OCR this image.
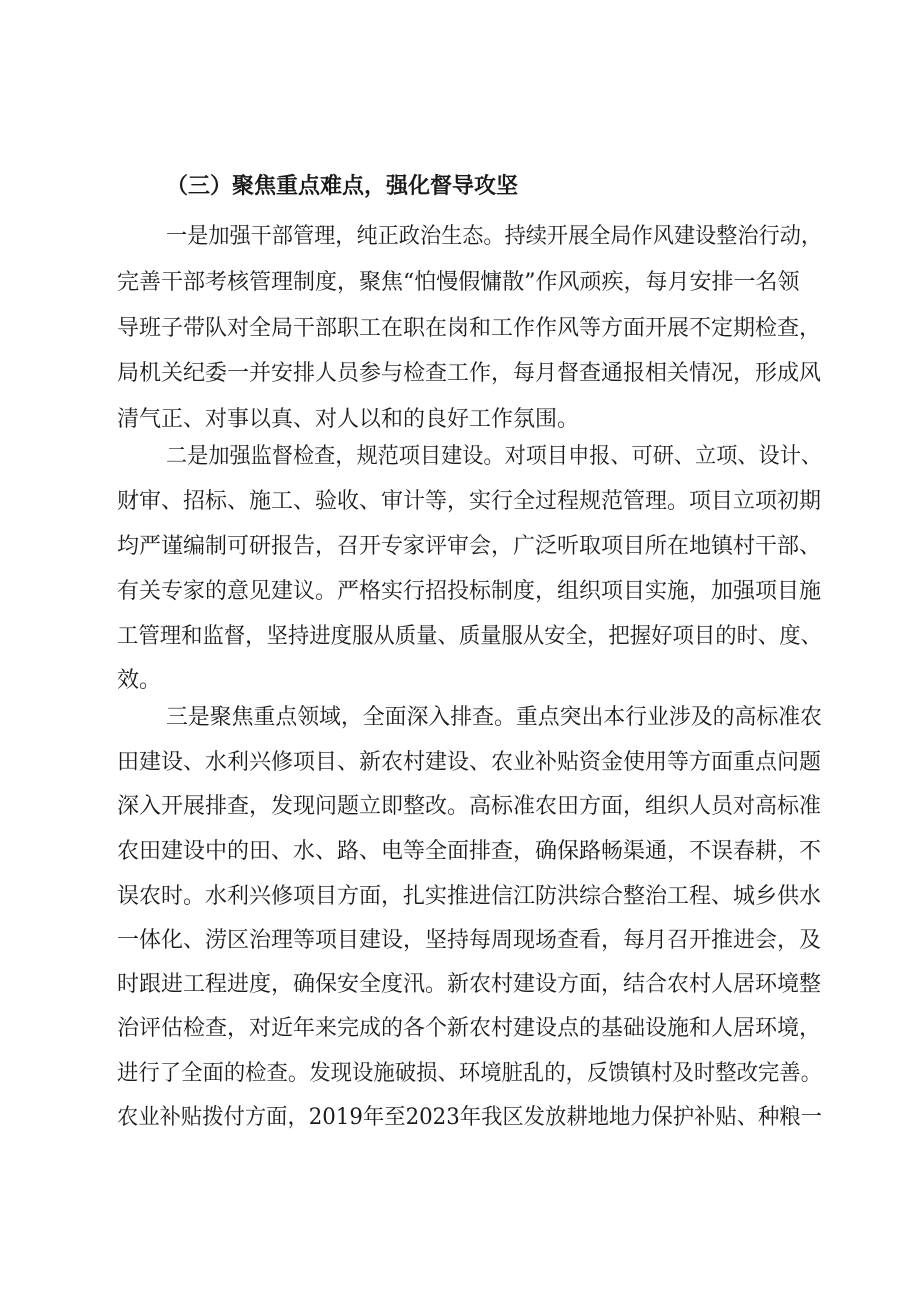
（三）聚焦重点难点，强化督导攻坚
一是加强干部管理，纯正政治生态。持续开展全局作风建设整治行动，
完善干部考核管理制度，聚焦“怕慢假慵散”作风顽疾，每月安排一名领
导班子带队对全局干部职工在职在岗和工作作风等方面开展不定期检查，
局机关纪委一并安排人员参与检查工作，每月督查通报相关情况，形成风
清气正、对事以真、对人以和的良好工作氛围。
二是加强监督检查，规范项目建设。对项目申报、可研、立项、设计、
财审、招标、施工、验收、审计等，实行全过程规范管理。项目立项初期
均严谨编制可研报告，召开专家评审会，广泛听取项目所在地镇村干部、
有关专家的意见建议。严格实行招投标制度，组织项目实施，加强项目施
工管理和监督，坚持进度服从质量、质量服从安全，把握好项目的时、度、
效。
三是聚焦重点领域，全面深入排查。重点突出本行业涉及的高标准农
田建设、水利兴修项目、新农村建设、农业补贴资金使用等方面重点问题
深入开展排查，发现问题立即整改。高标准农田方面，组织人员对高标准
农田建设中的田、水、路、电等全面排查，确保路畅渠通，不误春耕，不
误农时。水利兴修项目方面，扎实推进信江防洪综合整治工程、城乡供水
一体化、涝区治理等项目建设，坚持每周现场查看，每月召开推进会，及
时跟进工程进度，确保安全度汛。新农村建设方面，结合农村人居环境整
治评估检查，对近年来完成的各个新农村建设点的基础设施和人居环境，
进行了全面的检查。发现设施破损、环境脏乱的，反馈镇村及时整改完善。
农业补贴拨付方面，2019年至2023年我区发放耕地地力保护补贴、种粮一
